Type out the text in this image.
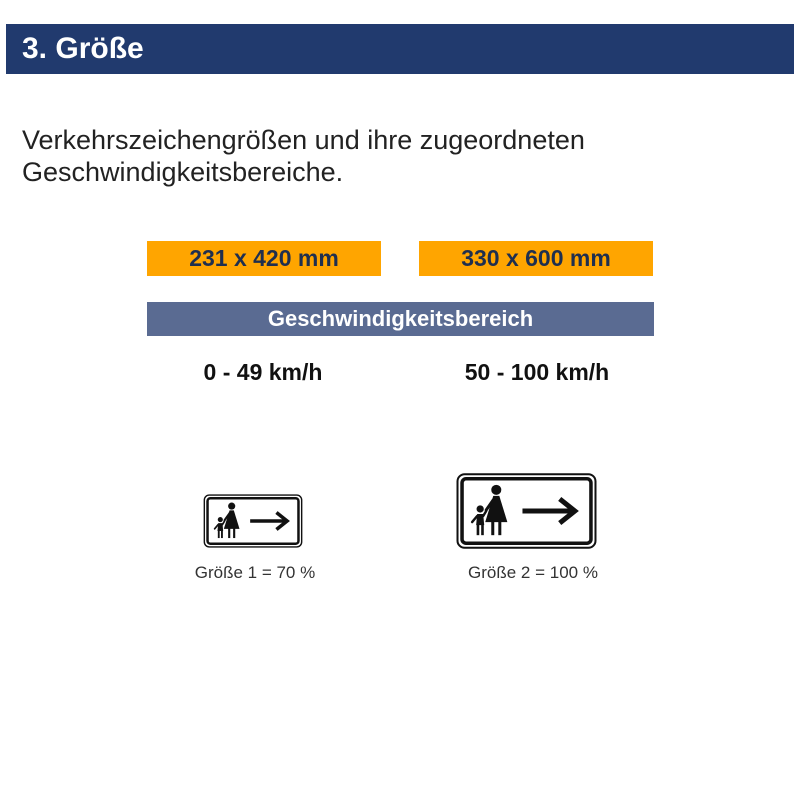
3. Größe
Verkehrszeichengrößen und ihre zugeordneten
Geschwindigkeitsbereiche.
231 x 420 mm	330 x 600 mm
Geschwindigkeitsbereich
0 - 49 km/h	50 - 100 km/h
Größe 1 = 70 %	Größe 2 = 100 %
